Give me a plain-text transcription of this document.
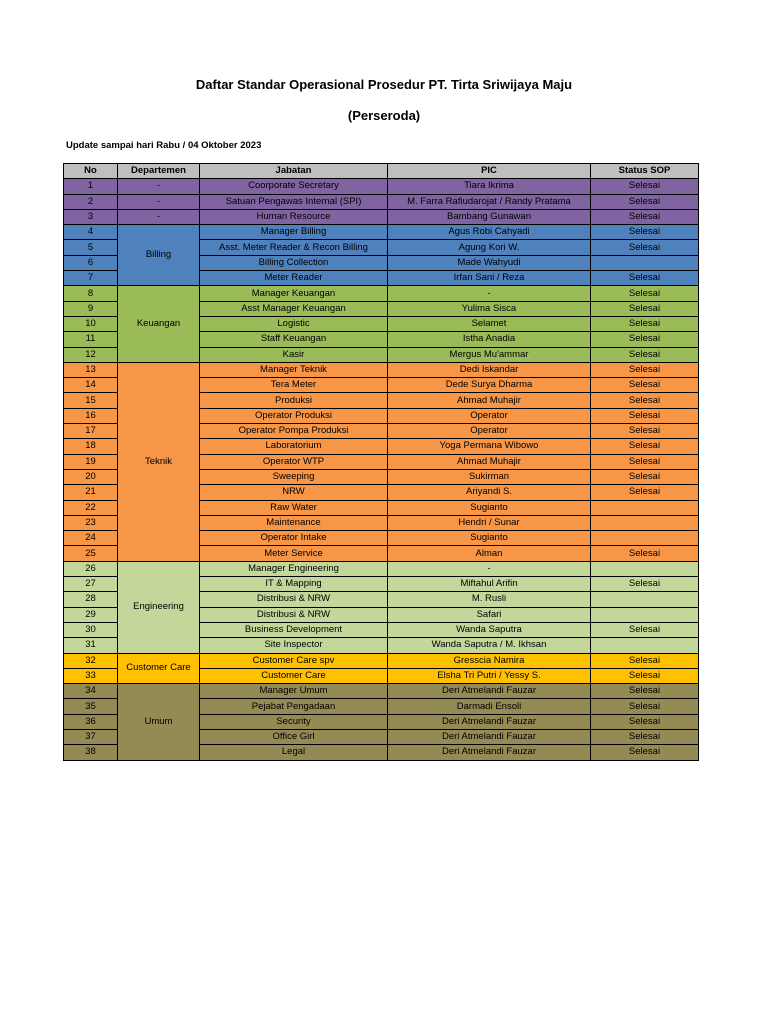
Daftar Standar Operasional Prosedur PT. Tirta Sriwijaya Maju
(Perseroda)
Update sampai hari Rabu / 04 Oktober 2023
No	Departemen	Jabatan	PIC	Status SOP
1	-	Coorporate Secretary	Tiara Ikrima	Selesai
2	-	Satuan Pengawas Internal (SPI)	M. Farra Rafiudarojat / Randy Pratama	Selesai
3	-	Human Resource	Bambang Gunawan	Selesai
4	Billing	Manager Billing	Agus Robi Cahyadi	Selesai
5		Asst. Meter Reader & Recon Billing	Agung Kori W.	Selesai
6		Billing Collection	Made Wahyudi	
7		Meter Reader	Irfan Sani / Reza	Selesai
8	Keuangan	Manager Keuangan	-	Selesai
9		Asst Manager Keuangan	Yulima Sisca	Selesai
10		Logistic	Selamet	Selesai
11		Staff Keuangan	Istha Anadia	Selesai
12		Kasir	Mergus Mu'ammar	Selesai
13	Teknik	Manager Teknik	Dedi Iskandar	Selesai
14		Tera Meter	Dede Surya Dharma	Selesai
15		Produksi	Ahmad Muhajir	Selesai
16		Operator Produksi	Operator	Selesai
17		Operator Pompa Produksi	Operator	Selesai
18		Laboratorium	Yoga Permana Wibowo	Selesai
19		Operator WTP	Ahmad Muhajir	Selesai
20		Sweeping	Sukirman	Selesai
21		NRW	Ariyandi S.	Selesai
22		Raw Water	Sugianto	
23		Maintenance	Hendri / Sunar	
24		Operator Intake	Sugianto	
25		Meter Service	Alman	Selesai
26	Engineering	Manager Engineering	-	
27		IT & Mapping	Miftahul Arifin	Selesai
28		Distribusi & NRW	M. Rusli	
29		Distribusi & NRW	Safari	
30		Business Development	Wanda Saputra	Selesai
31		Site Inspector	Wanda Saputra / M. Ikhsan	
32	Customer Care	Customer Care spv	Gresscia Namira	Selesai
33		Customer Care	Elsha Tri Putri / Yessy S.	Selesai
34	Umum	Manager Umum	Deri Atmelandi Fauzar	Selesai
35		Pejabat Pengadaan	Darmadi Ensoli	Selesai
36		Security	Deri Atmelandi Fauzar	Selesai
37		Office Girl	Deri Atmelandi Fauzar	Selesai
38		Legal	Deri Atmelandi Fauzar	Selesai
